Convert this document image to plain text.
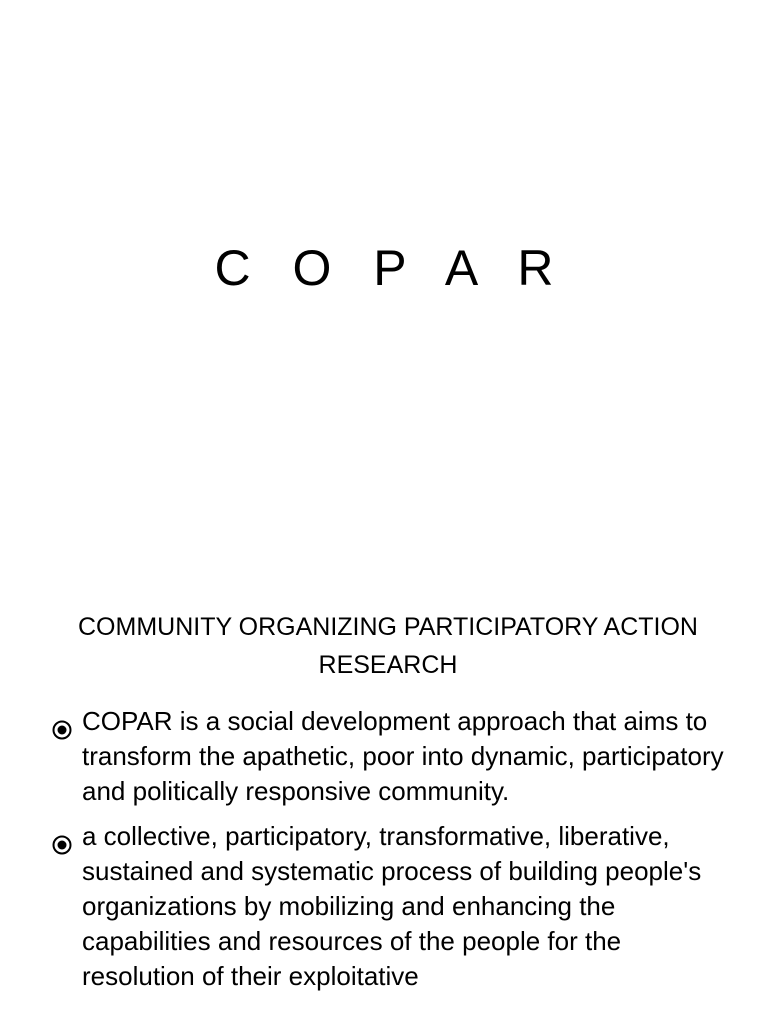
C O P A R
COMMUNITY ORGANIZING PARTICIPATORY ACTION RESEARCH
COPAR is a social development approach that aims to transform the apathetic, poor into dynamic, participatory and politically responsive community.
a collective, participatory, transformative, liberative, sustained and systematic process of building people's organizations by mobilizing and enhancing the capabilities and resources of the people for the resolution of their exploitative
